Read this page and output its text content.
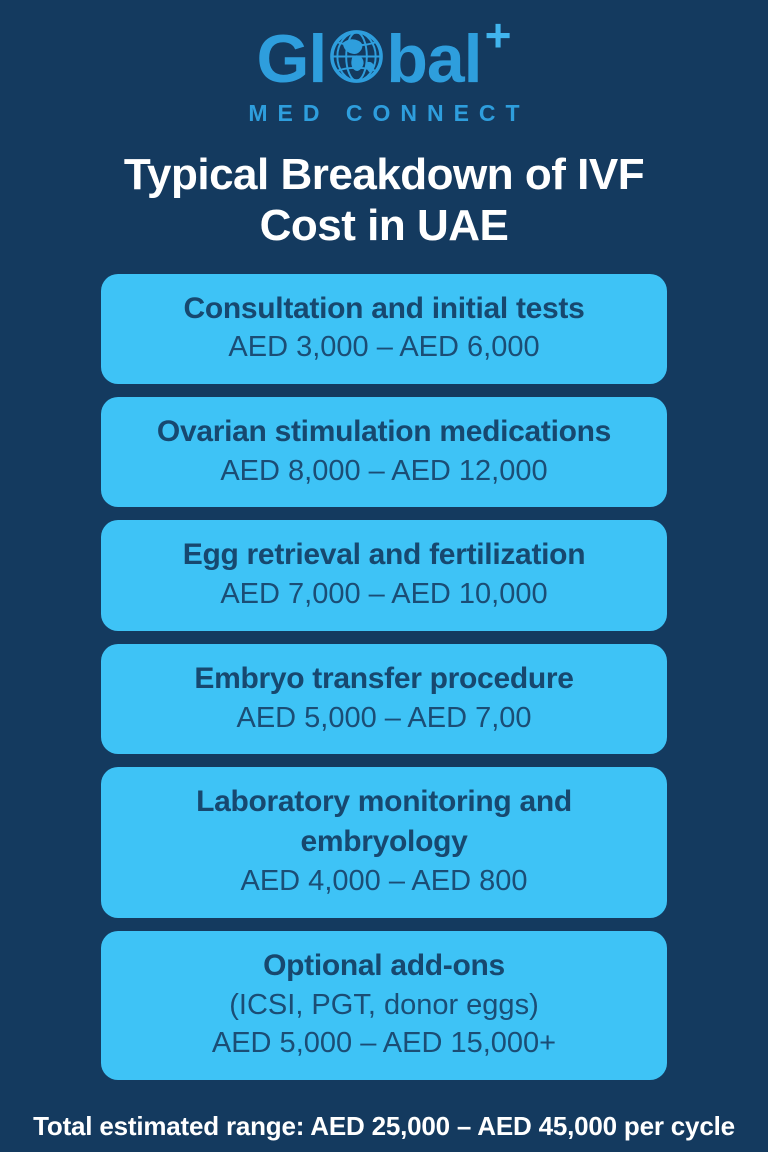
Gl bal +
MED CONNECT
Typical Breakdown of IVF
Cost in UAE
Consultation and initial tests
AED 3,000 – AED 6,000
Ovarian stimulation medications
AED 8,000 – AED 12,000
Egg retrieval and fertilization
AED 7,000 – AED 10,000
Embryo transfer procedure
AED 5,000 – AED 7,00
Laboratory monitoring and embryology
AED 4,000 – AED 800
Optional add-ons
(ICSI, PGT, donor eggs)
AED 5,000 – AED 15,000+
Total estimated range: AED 25,000 – AED 45,000 per cycle
